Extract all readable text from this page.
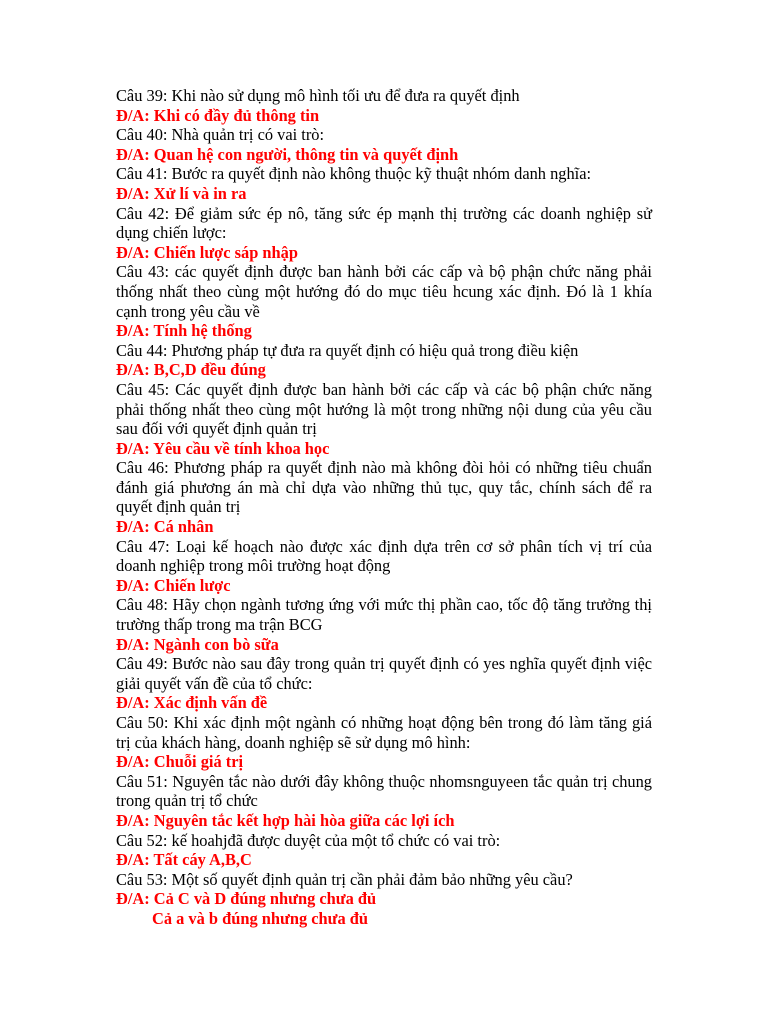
Câu 39: Khi nào sử dụng mô hình tối ưu để đưa ra quyết định

Đ/A: Khi có đầy đủ thông tin

Câu 40: Nhà quản trị có vai trò:

Đ/A: Quan hệ con người, thông tin và quyết định

Câu 41: Bước ra quyết định nào không thuộc kỹ thuật nhóm danh nghĩa:

Đ/A: Xử lí và in ra

Câu 42: Để giảm sức ép nô, tăng sức ép mạnh thị trường các doanh nghiệp sử dụng chiến lược:

Đ/A: Chiến lược sáp nhập

Câu 43: các quyết định được ban hành bởi các cấp và bộ phận chức năng phải thống nhất theo cùng một hướng đó do mục tiêu hcung xác định. Đó là 1 khía cạnh trong yêu cầu về

Đ/A: Tính hệ thống

Câu 44: Phương pháp tự đưa ra quyết định có hiệu quả trong điều kiện

Đ/A: B,C,D đều đúng

Câu 45: Các quyết định được ban hành bởi các cấp và các bộ phận chức năng phải thống nhất theo cùng một hướng là một trong những nội dung của yêu cầu sau đối với quyết định quản trị

Đ/A: Yêu cầu về tính khoa học

Câu 46: Phương pháp ra quyết định nào mà không đòi hỏi có những tiêu chuẩn đánh giá phương án mà chỉ dựa vào những thủ tục, quy tắc, chính sách để ra quyết định quản trị

Đ/A: Cá nhân

Câu 47: Loại kế hoạch nào được xác định dựa trên cơ sở phân tích vị trí của doanh nghiệp trong môi trường hoạt động

Đ/A: Chiến lược

Câu 48: Hãy chọn ngành tương ứng với mức thị phần cao, tốc độ tăng trưởng thị trường thấp trong ma trận BCG

Đ/A: Ngành con bò sữa

Câu 49: Bước nào sau đây trong quản trị quyết định có yes nghĩa quyết định việc giải quyết vấn đề của tổ chức:

Đ/A: Xác định vấn đề

Câu 50: Khi xác định một ngành có những hoạt động bên trong đó làm tăng giá trị của khách hàng, doanh nghiệp sẽ sử dụng mô hình:

Đ/A: Chuỗi giá trị

Câu 51: Nguyên tắc nào dưới đây không thuộc nhomsnguyeen tắc quản trị chung trong quản trị tổ chức

Đ/A: Nguyên tắc kết hợp hài hòa giữa các lợi ích

Câu 52: kế hoahjđã được duyệt của một tổ chức có vai trò:

Đ/A: Tất cáy A,B,C

Câu 53: Một số quyết định quản trị cần phải đảm bảo những yêu cầu?

Đ/A: Cả C và D đúng nhưng chưa đủ

Cả a và b đúng nhưng chưa đủ
